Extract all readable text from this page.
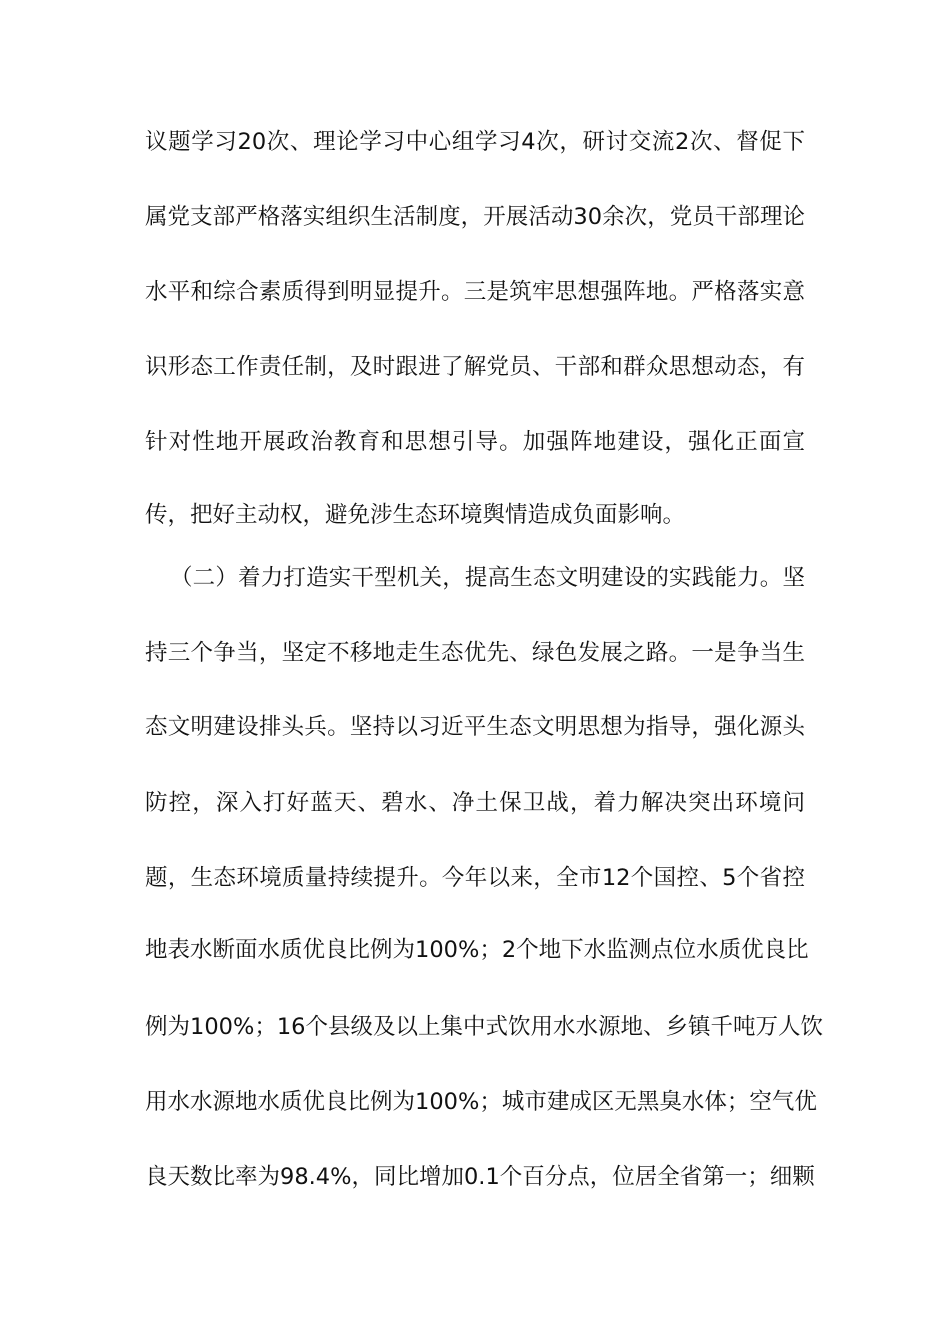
议题学习20次、理论学习中心组学习4次，研讨交流2次、督促下
属党支部严格落实组织生活制度，开展活动30余次，党员干部理论
水平和综合素质得到明显提升。三是筑牢思想强阵地。严格落实意
识形态工作责任制，及时跟进了解党员、干部和群众思想动态，有
针对性地开展政治教育和思想引导。加强阵地建设，强化正面宣
传，把好主动权，避免涉生态环境舆情造成负面影响。
（二）着力打造实干型机关，提高生态文明建设的实践能力。坚
持三个争当，坚定不移地走生态优先、绿色发展之路。一是争当生
态文明建设排头兵。坚持以习近平生态文明思想为指导，强化源头
防控，深入打好蓝天、碧水、净土保卫战，着力解决突出环境问
题，生态环境质量持续提升。今年以来，全市12个国控、5个省控
地表水断面水质优良比例为100%；2个地下水监测点位水质优良比
例为100%；16个县级及以上集中式饮用水水源地、乡镇千吨万人饮
用水水源地水质优良比例为100%；城市建成区无黑臭水体；空气优
良天数比率为98.4%，同比增加0.1个百分点，位居全省第一；细颗
